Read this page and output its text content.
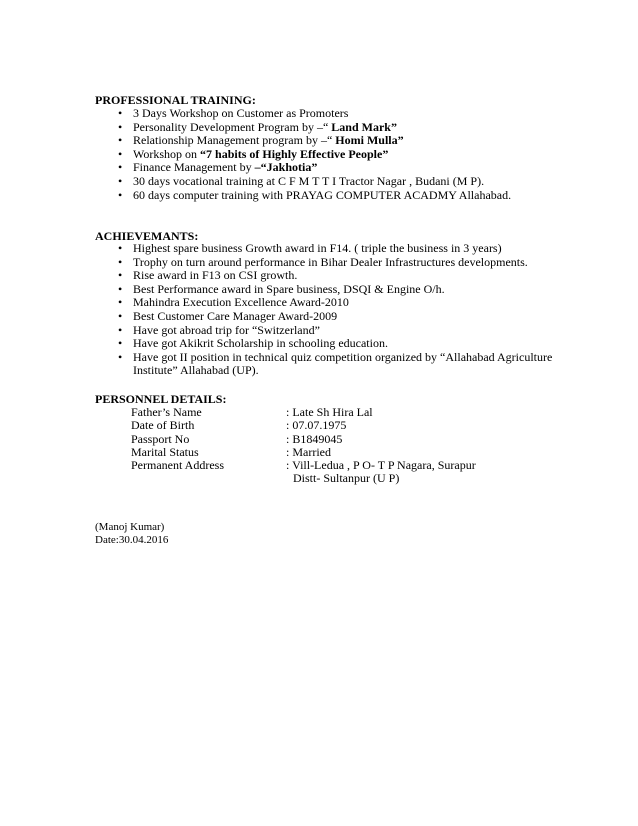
PROFESSIONAL TRAINING:
• 3 Days Workshop on Customer as Promoters
• Personality Development Program by –“ Land Mark”
• Relationship Management program by –“ Homi Mulla”
• Workshop on “7 habits of Highly Effective People”
• Finance Management by –“Jakhotia”
• 30 days vocational training at C F M T T I Tractor Nagar , Budani (M P).
• 60 days computer training with PRAYAG COMPUTER ACADMY Allahabad.
ACHIEVEMANTS:
• Highest spare business Growth award in F14. ( triple the business in 3 years)
• Trophy on turn around performance in Bihar Dealer Infrastructures developments.
• Rise award in F13 on CSI growth.
• Best Performance award in Spare business, DSQI & Engine O/h.
• Mahindra Execution Excellence Award-2010
• Best Customer Care Manager Award-2009
• Have got abroad trip for “Switzerland”
• Have got Akikrit Scholarship in schooling education.
• Have got II position in technical quiz competition organized by “Allahabad Agriculture Institute” Allahabad (UP).
PERSONNEL DETAILS:
Father’s Name	: Late Sh Hira Lal
Date of Birth	: 07.07.1975
Passport No	: B1849045
Marital Status	: Married
Permanent Address	: Vill-Ledua , P O- T P Nagara, Surapur
Distt- Sultanpur (U P)
(Manoj Kumar)
Date:30.04.2016
